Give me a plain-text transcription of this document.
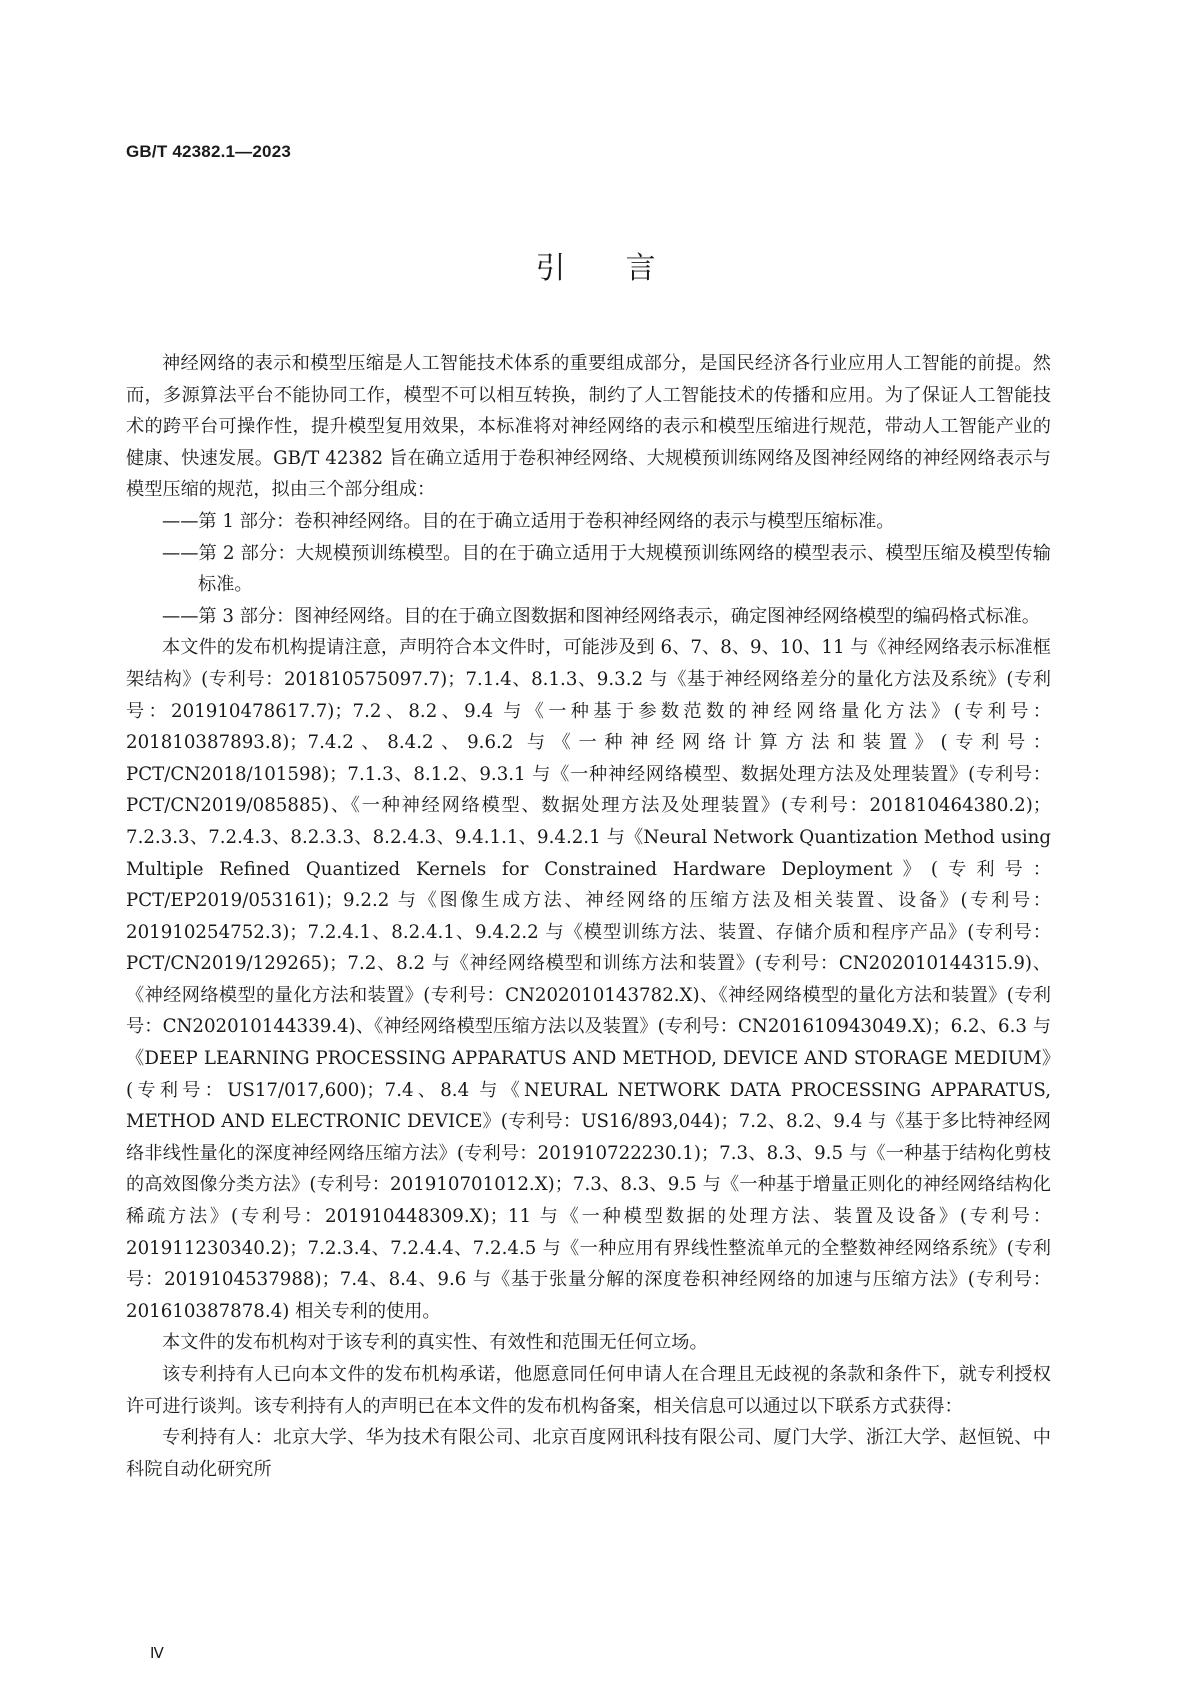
GB/T 42382.1—2023
引言

神经网络的表示和模型压缩是人工智能技术体系的重要组成部分，是国民经济各行业应用人工智能的前提。然而，多源算法平台不能协同工作，模型不可以相互转换，制约了人工智能技术的传播和应用。为了保证人工智能技术的跨平台可操作性，提升模型复用效果，本标准将对神经网络的表示和模型压缩进行规范，带动人工智能产业的健康、快速发展。GB/T 42382 旨在确立适用于卷积神经网络、大规模预训练网络及图神经网络的神经网络表示与模型压缩的规范，拟由三个部分组成：

——第 1 部分：卷积神经网络。目的在于确立适用于卷积神经网络的表示与模型压缩标准。

——第 2 部分：大规模预训练模型。目的在于确立适用于大规模预训练网络的模型表示、模型压缩及模型传输标准。

——第 3 部分：图神经网络。目的在于确立图数据和图神经网络表示，确定图神经网络模型的编码格式标准。

本文件的发布机构提请注意，声明符合本文件时，可能涉及到 6、7、8、9、10、11 与《神经网络表示标准框架结构》(专利号：201810575097.7)；7.1.4、8.1.3、9.3.2 与《基于神经网络差分的量化方法及系统》(专利号：201910478617.7)；7.2、8.2、9.4 与《一种基于参数范数的神经网络量化方法》(专利号：201810387893.8)；7.4.2、8.4.2、9.6.2 与《一种神经网络计算方法和装置》(专利号：PCT/CN2018/101598)；7.1.3、8.1.2、9.3.1 与《一种神经网络模型、数据处理方法及处理装置》(专利号：PCT/CN2019/085885)、《一种神经网络模型、数据处理方法及处理装置》(专利号：201810464380.2)；7.2.3.3、7.2.4.3、8.2.3.3、8.2.4.3、9.4.1.1、9.4.2.1 与《Neural Network Quantization Method using Multiple Refined Quantized Kernels for Constrained Hardware Deployment》(专利号：PCT/EP2019/053161)；9.2.2 与《图像生成方法、神经网络的压缩方法及相关装置、设备》(专利号：201910254752.3)；7.2.4.1、8.2.4.1、9.4.2.2 与《模型训练方法、装置、存储介质和程序产品》(专利号：PCT/CN2019/129265)；7.2、8.2 与《神经网络模型和训练方法和装置》(专利号：CN202010144315.9)、《神经网络模型的量化方法和装置》(专利号：CN202010143782.X)、《神经网络模型的量化方法和装置》(专利号：CN202010144339.4)、《神经网络模型压缩方法以及装置》(专利号：CN201610943049.X)；6.2、6.3 与《DEEP LEARNING PROCESSING APPARATUS AND METHOD, DEVICE AND STORAGE MEDIUM》(专利号：US17/017,600)；7.4、8.4 与《NEURAL NETWORK DATA PROCESSING APPARATUS, METHOD AND ELECTRONIC DEVICE》(专利号：US16/893,044)；7.2、8.2、9.4 与《基于多比特神经网络非线性量化的深度神经网络压缩方法》(专利号：201910722230.1)；7.3、8.3、9.5 与《一种基于结构化剪枝的高效图像分类方法》(专利号：201910701012.X)；7.3、8.3、9.5 与《一种基于增量正则化的神经网络结构化稀疏方法》(专利号：201910448309.X)；11 与《一种模型数据的处理方法、装置及设备》(专利号：201911230340.2)；7.2.3.4、7.2.4.4、7.2.4.5 与《一种应用有界线性整流单元的全整数神经网络系统》(专利号：2019104537988)；7.4、8.4、9.6 与《基于张量分解的深度卷积神经网络的加速与压缩方法》(专利号：201610387878.4) 相关专利的使用。

本文件的发布机构对于该专利的真实性、有效性和范围无任何立场。

该专利持有人已向本文件的发布机构承诺，他愿意同任何申请人在合理且无歧视的条款和条件下，就专利授权许可进行谈判。该专利持有人的声明已在本文件的发布机构备案，相关信息可以通过以下联系方式获得：

专利持有人：北京大学、华为技术有限公司、北京百度网讯科技有限公司、厦门大学、浙江大学、赵恒锐、中科院自动化研究所

Ⅳ
